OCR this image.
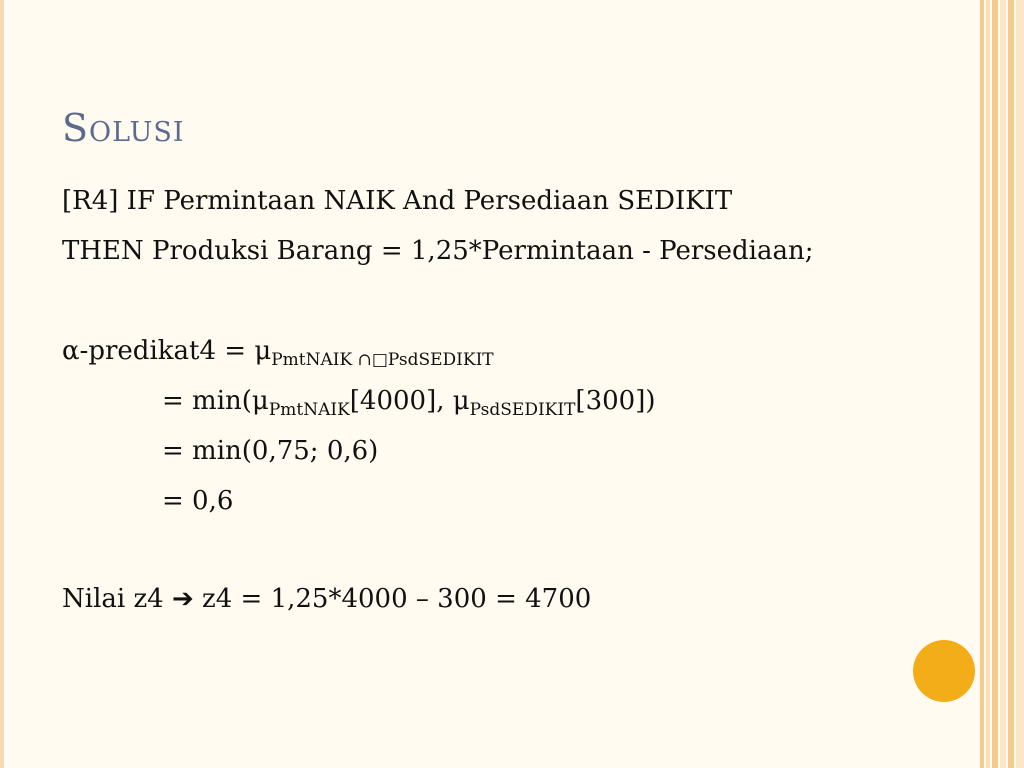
Solusi
[R4] IF Permintaan NAIK And Persediaan SEDIKIT
THEN Produksi Barang = 1,25*Permintaan - Persediaan;
α-predikat4 = $\mu_{PmtNAIK \cap□PsdSEDIKIT}$
= $\min(\mu_{PmtNAIK}[4000]$, $\mu_{PsdSEDIKIT}[300]$)
= min(0,75; 0,6)
= 0,6
Nilai z4 ➔ z4 = 1,25*4000 – 300 = 4700
